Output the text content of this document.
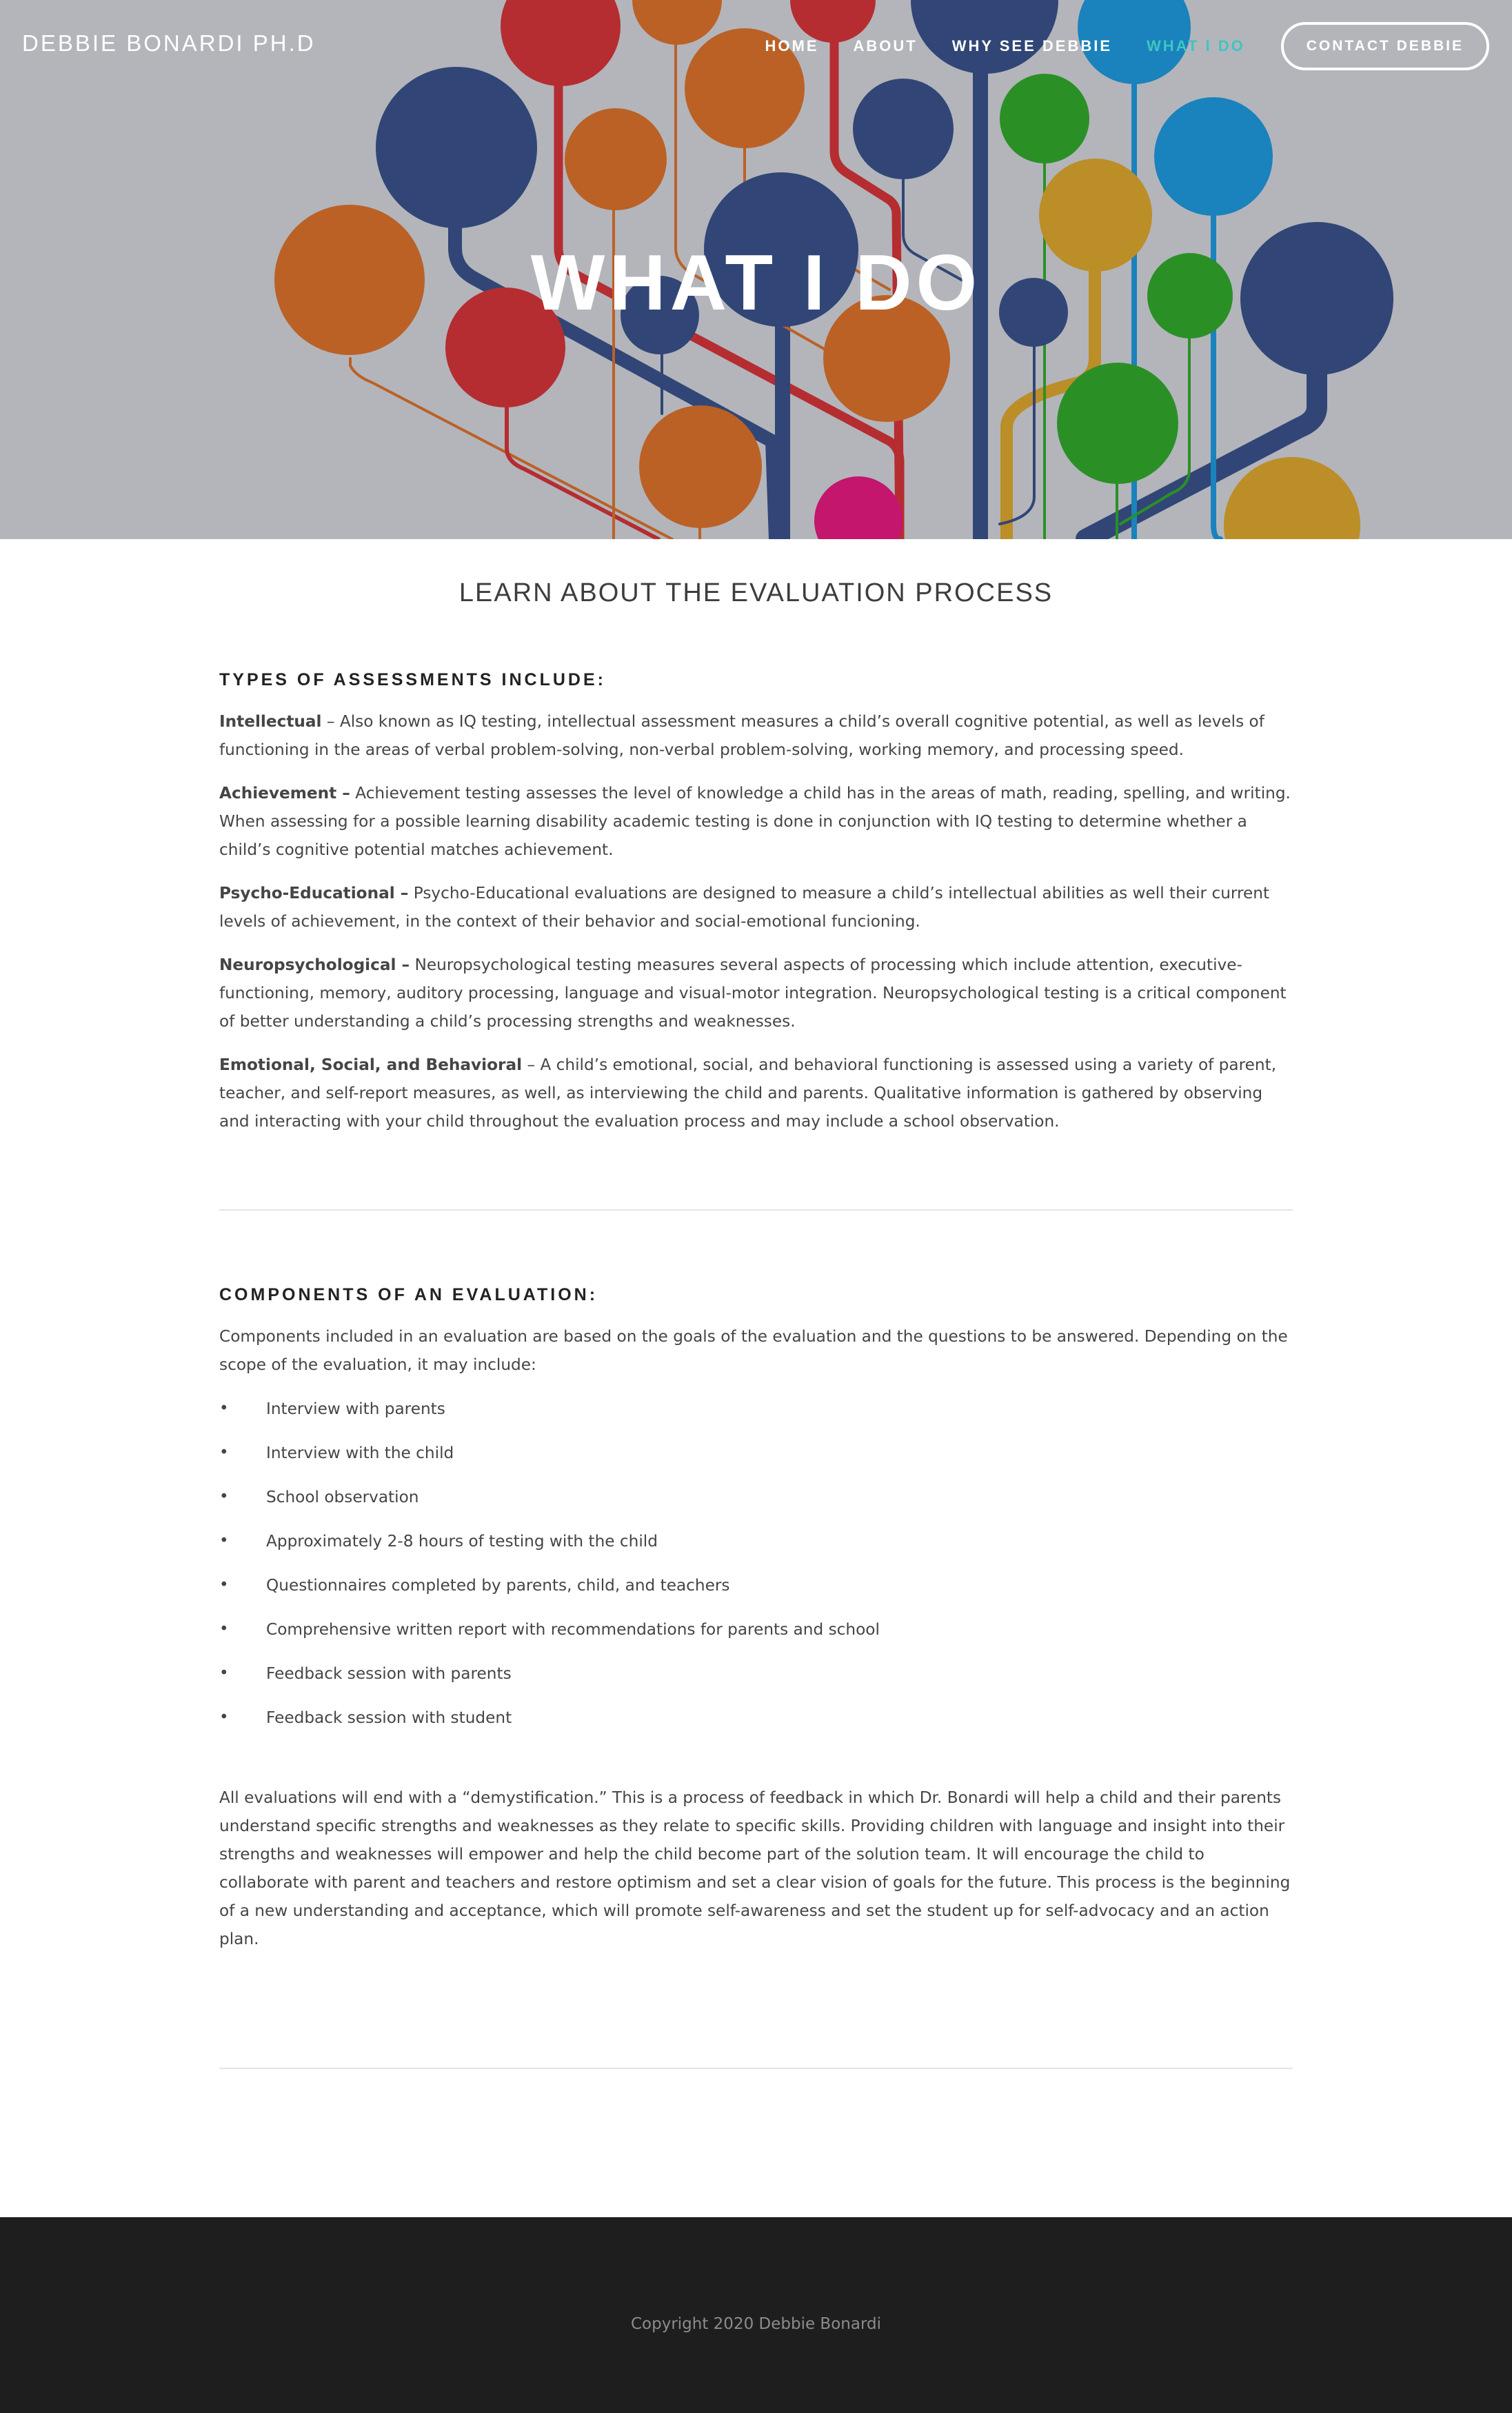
DEBBIE BONARDI PH.D	HOME ABOUT WHY SEE DEBBIE WHAT I DO	CONTACT DEBBIE
WHAT I DO
LEARN ABOUT THE EVALUATION PROCESS
TYPES OF ASSESSMENTS INCLUDE:

Intellectual – Also known as IQ testing, intellectual assessment measures a child’s overall cognitive potential, as well as levels of functioning in the areas of verbal problem-solving, non-verbal problem-solving, working memory, and processing speed.

Achievement – Achievement testing assesses the level of knowledge a child has in the areas of math, reading, spelling, and writing. When assessing for a possible learning disability academic testing is done in conjunction with IQ testing to determine whether a child’s cognitive potential matches achievement.

Psycho-Educational – Psycho-Educational evaluations are designed to measure a child’s intellectual abilities as well their current levels of achievement, in the context of their behavior and social-emotional funcioning.

Neuropsychological – Neuropsychological testing measures several aspects of processing which include attention, executive-functioning, memory, auditory processing, language and visual-motor integration. Neuropsychological testing is a critical component of better understanding a child’s processing strengths and weaknesses.

Emotional, Social, and Behavioral – A child’s emotional, social, and behavioral functioning is assessed using a variety of parent, teacher, and self-report measures, as well, as interviewing the child and parents. Qualitative information is gathered by observing and interacting with your child throughout the evaluation process and may include a school observation.

COMPONENTS OF AN EVALUATION:

Components included in an evaluation are based on the goals of the evaluation and the questions to be answered. Depending on the scope of the evaluation, it may include:

• Interview with parents
• Interview with the child
• School observation
• Approximately 2-8 hours of testing with the child
• Questionnaires completed by parents, child, and teachers
• Comprehensive written report with recommendations for parents and school
• Feedback session with parents
• Feedback session with student

All evaluations will end with a “demystification.” This is a process of feedback in which Dr. Bonardi will help a child and their parents understand specific strengths and weaknesses as they relate to specific skills. Providing children with language and insight into their strengths and weaknesses will empower and help the child become part of the solution team. It will encourage the child to collaborate with parent and teachers and restore optimism and set a clear vision of goals for the future. This process is the beginning of a new understanding and acceptance, which will promote self-awareness and set the student up for self-advocacy and an action plan.

Copyright 2020 Debbie Bonardi
